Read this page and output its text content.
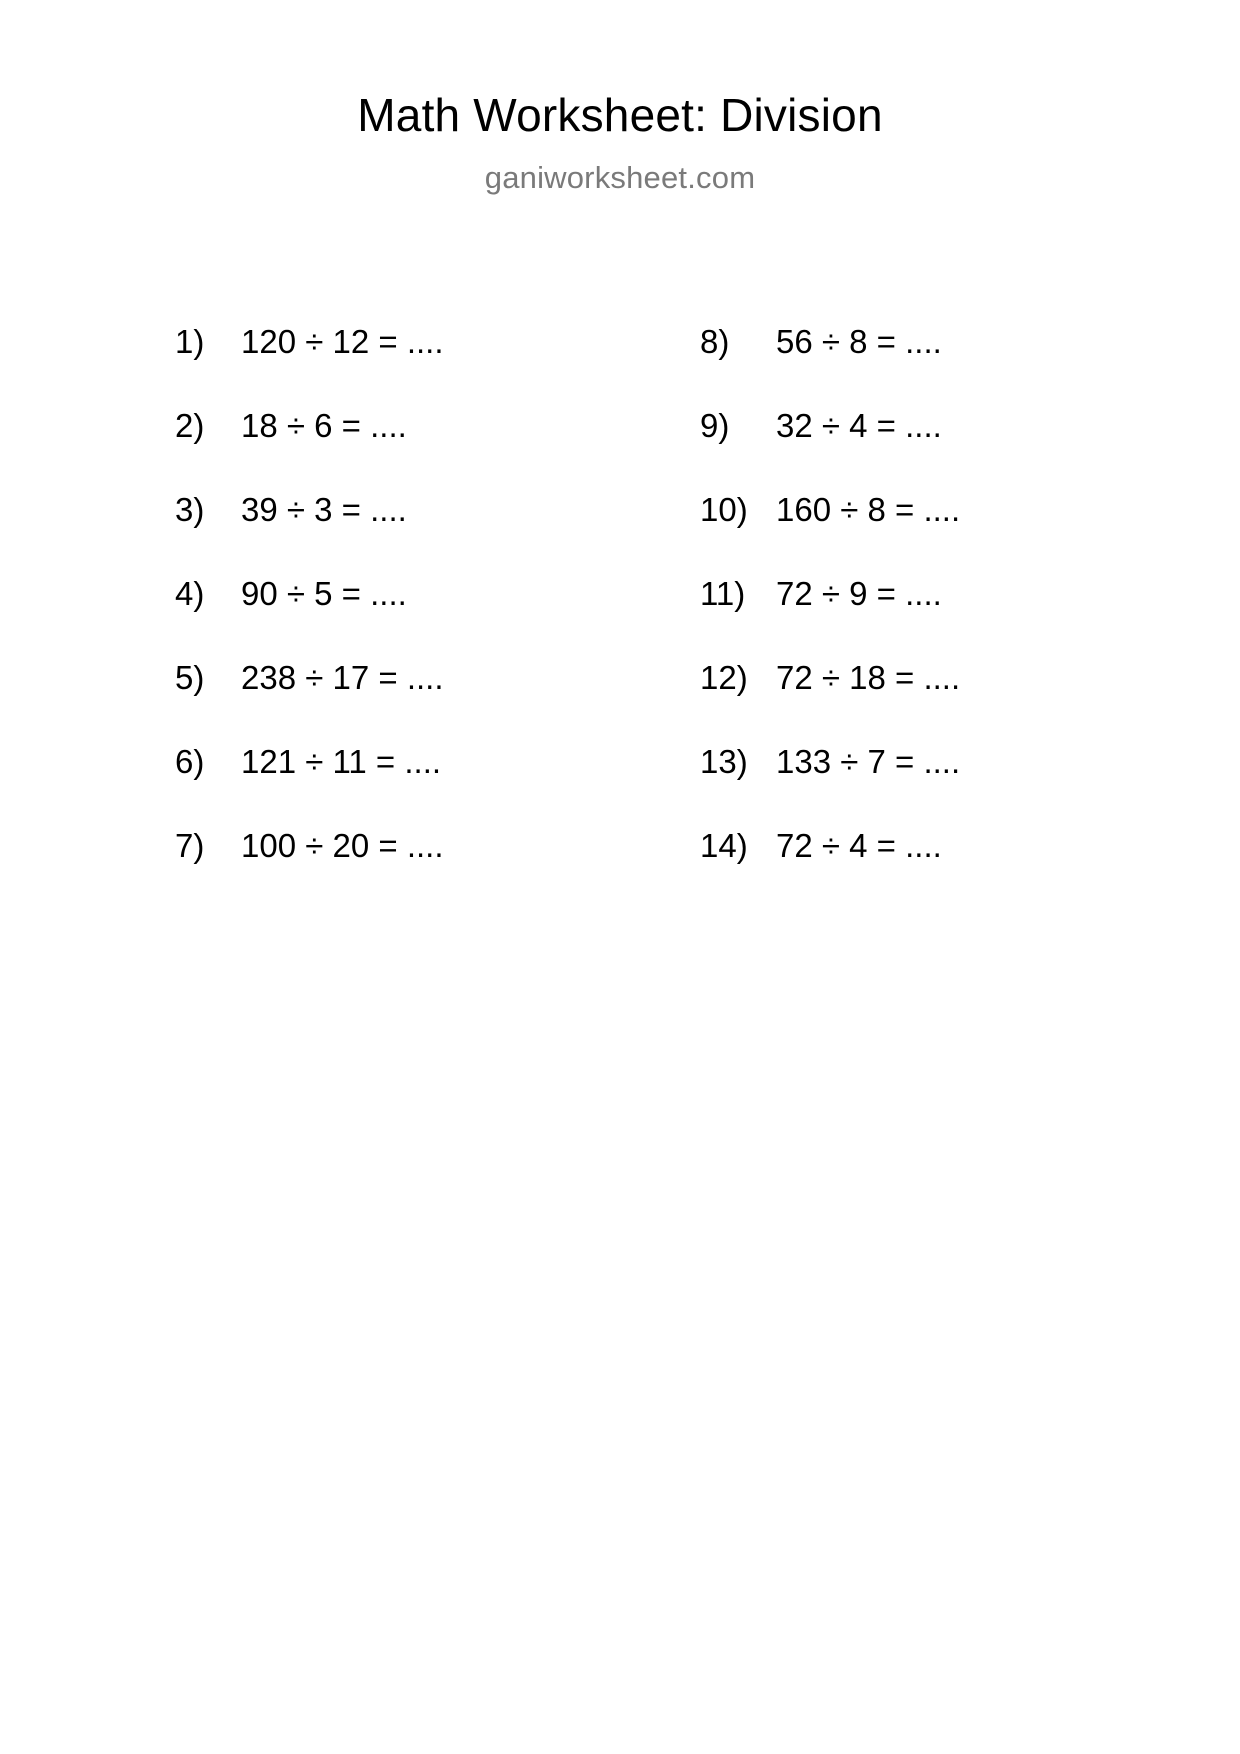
Math Worksheet: Division
ganiworksheet.com
1)	120 ÷ 12 = ....
2)	18 ÷ 6 = ....
3)	39 ÷ 3 = ....
4)	90 ÷ 5 = ....
5)	238 ÷ 17 = ....
6)	121 ÷ 11 = ....
7)	100 ÷ 20 = ....
8)	56 ÷ 8 = ....
9)	32 ÷ 4 = ....
10) 160 ÷ 8 = ....
11) 72 ÷ 9 = ....
12) 72 ÷ 18 = ....
13) 133 ÷ 7 = ....
14) 72 ÷ 4 = ....
